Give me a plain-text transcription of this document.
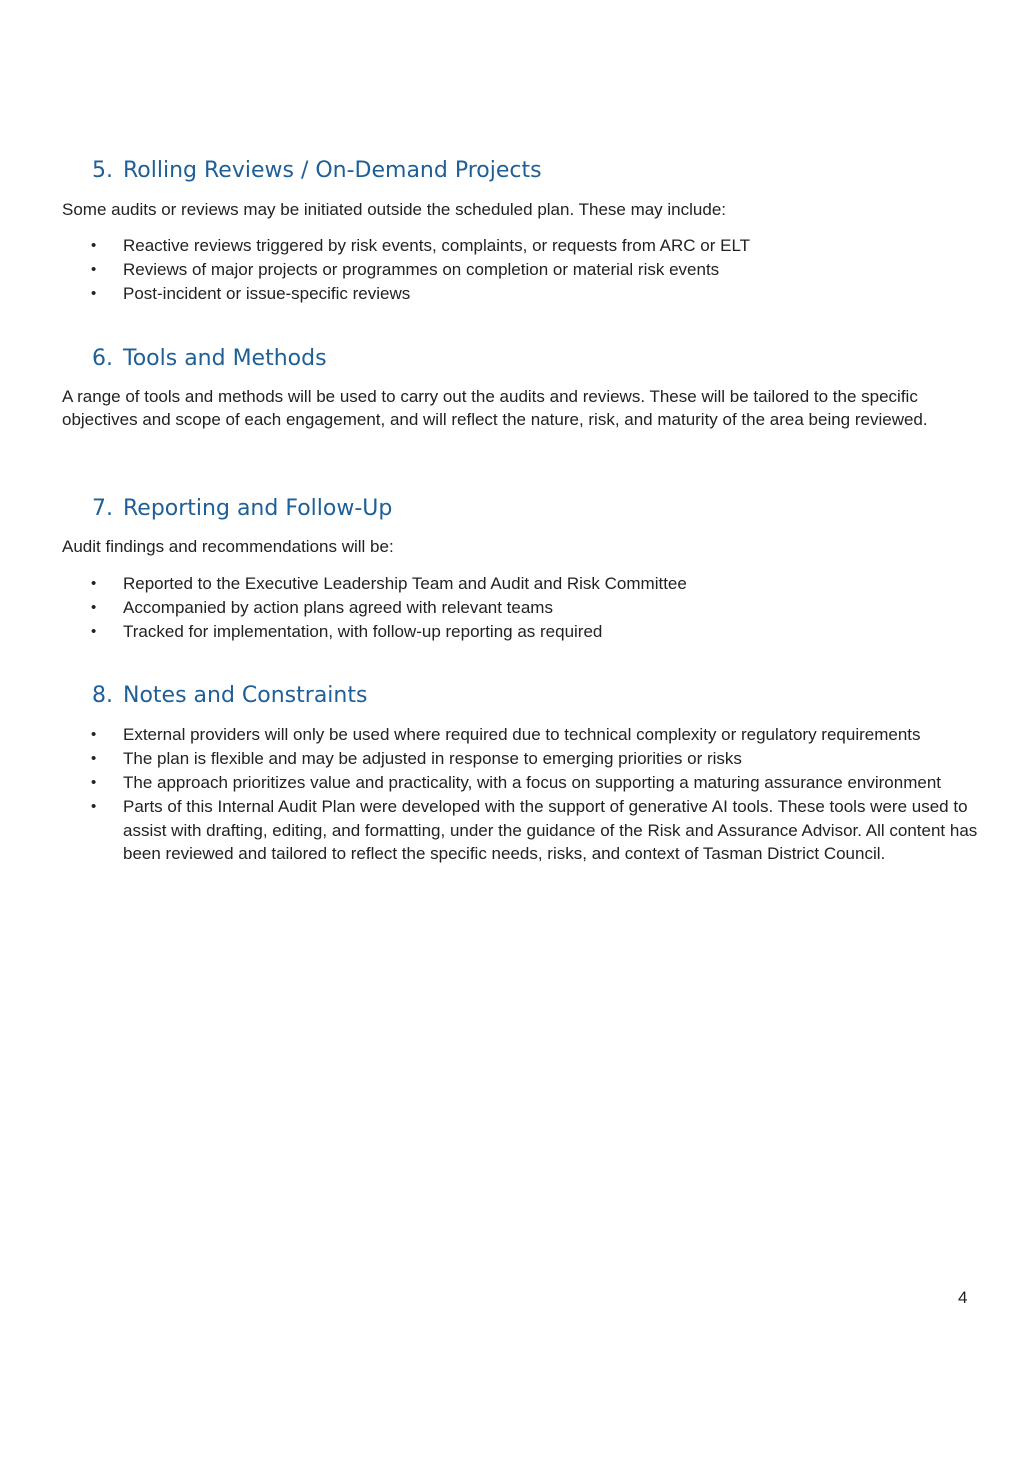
5. Rolling Reviews / On-Demand Projects

Some audits or reviews may be initiated outside the scheduled plan. These may include:

• Reactive reviews triggered by risk events, complaints, or requests from ARC or ELT
• Reviews of major projects or programmes on completion or material risk events
• Post-incident or issue-specific reviews
6. Tools and Methods

A range of tools and methods will be used to carry out the audits and reviews. These will be tailored to the specific objectives and scope of each engagement, and will reflect the nature, risk, and maturity of the area being reviewed.

7. Reporting and Follow-Up

Audit findings and recommendations will be:

• Reported to the Executive Leadership Team and Audit and Risk Committee
• Accompanied by action plans agreed with relevant teams
• Tracked for implementation, with follow-up reporting as required
8. Notes and Constraints
• External providers will only be used where required due to technical complexity or regulatory requirements
• The plan is flexible and may be adjusted in response to emerging priorities or risks
• The approach prioritizes value and practicality, with a focus on supporting a maturing assurance environment
• Parts of this Internal Audit Plan were developed with the support of generative AI tools. These tools were used to assist with drafting, editing, and formatting, under the guidance of the Risk and Assurance Advisor. All content has been reviewed and tailored to reflect the specific needs, risks, and context of Tasman District Council.
4
